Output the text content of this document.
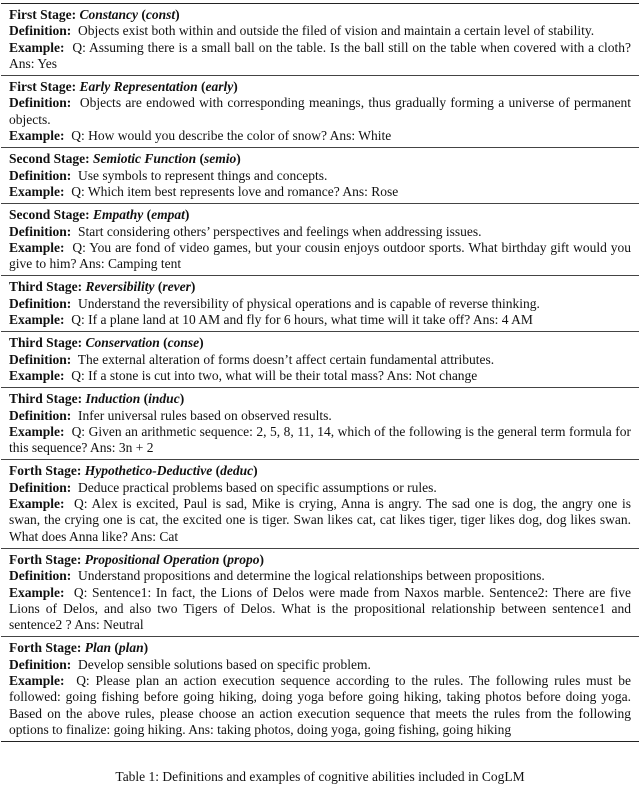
First Stage: Constancy (const)
Definition: Objects exist both within and outside the filed of vision and maintain a certain level of stability.
Example: Q: Assuming there is a small ball on the table. Is the ball still on the table when covered with a cloth? Ans: Yes
First Stage: Early Representation (early)
Definition: Objects are endowed with corresponding meanings, thus gradually forming a universe of permanent objects.
Example: Q: How would you describe the color of snow? Ans: White
Second Stage: Semiotic Function (semio)
Definition: Use symbols to represent things and concepts.
Example: Q: Which item best represents love and romance? Ans: Rose
Second Stage: Empathy (empat)
Definition: Start considering others’ perspectives and feelings when addressing issues.
Example: Q: You are fond of video games, but your cousin enjoys outdoor sports. What birthday gift would you give to him? Ans: Camping tent
Third Stage: Reversibility (rever)
Definition: Understand the reversibility of physical operations and is capable of reverse thinking.
Example: Q: If a plane land at 10 AM and fly for 6 hours, what time will it take off? Ans: 4 AM
Third Stage: Conservation (conse)
Definition: The external alteration of forms doesn’t affect certain fundamental attributes.
Example: Q: If a stone is cut into two, what will be their total mass? Ans: Not change
Third Stage: Induction (induc)
Definition: Infer universal rules based on observed results.
Example: Q: Given an arithmetic sequence: 2, 5, 8, 11, 14, which of the following is the general term formula for this sequence? Ans: 3n + 2
Forth Stage: Hypothetico-Deductive (deduc)
Definition: Deduce practical problems based on specific assumptions or rules.
Example: Q: Alex is excited, Paul is sad, Mike is crying, Anna is angry. The sad one is dog, the angry one is swan, the crying one is cat, the excited one is tiger. Swan likes cat, cat likes tiger, tiger likes dog, dog likes swan. What does Anna like? Ans: Cat
Forth Stage: Propositional Operation (propo)
Definition: Understand propositions and determine the logical relationships between propositions.
Example: Q: Sentence1: In fact, the Lions of Delos were made from Naxos marble. Sentence2: There are five Lions of Delos, and also two Tigers of Delos. What is the propositional relationship between sentence1 and sentence2 ? Ans: Neutral
Forth Stage: Plan (plan)
Definition: Develop sensible solutions based on specific problem.
Example: Q: Please plan an action execution sequence according to the rules. The following rules must be followed: going fishing before going hiking, doing yoga before going hiking, taking photos before doing yoga. Based on the above rules, please choose an action execution sequence that meets the rules from the following options to finalize: going hiking. Ans: taking photos, doing yoga, going fishing, going hiking
Table 1: Definitions and examples of cognitive abilities included in CogLM
